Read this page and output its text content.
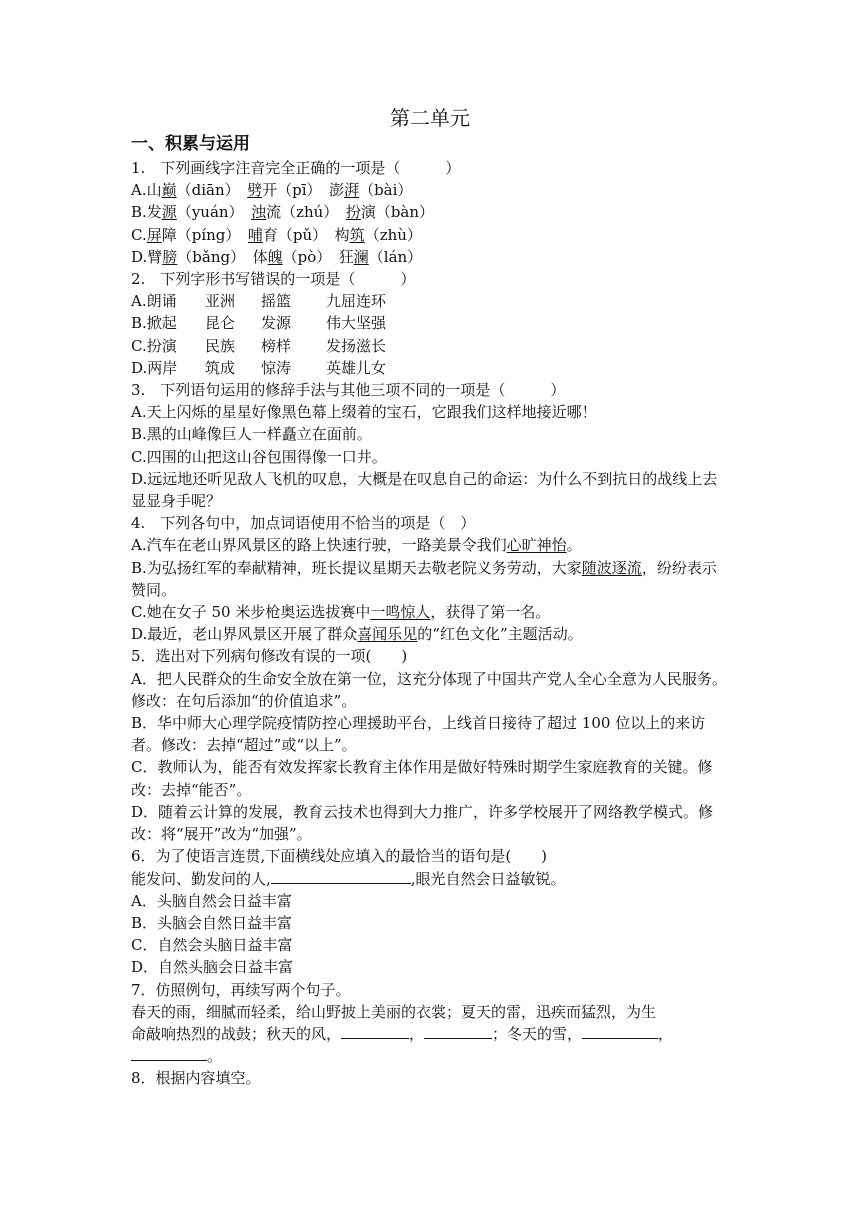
第二单元
一、积累与运用

1.　下列画线字注音完全正确的一项是（　　　）

A.山巅（diān）　劈开（pī）　澎湃（bài）

B.发源（yuán）　浊流（zhú）　扮演（bàn）

C.屏障（píng）　哺育（pǔ）　构筑（zhù）

D.臂膀（bǎng）　体魄（pò）　狂澜（lán）

2.　下列字形书写错误的一项是（　　　）

A.朗诵 亚洲 摇篮 九屈连环

B.掀起 昆仑 发源 伟大坚强

C.扮演 民族 榜样 发扬滋长

D.两岸 筑成 惊涛 英雄儿女

3.　下列语句运用的修辞手法与其他三项不同的一项是（　　　）

A.天上闪烁的星星好像黑色幕上缀着的宝石，它跟我们这样地接近哪！

B.黑的山峰像巨人一样矗立在面前。

C.四围的山把这山谷包围得像一口井。

D.远远地还听见敌人飞机的叹息，大概是在叹息自己的命运：为什么不到抗日的战线上去显显身手呢？

4.　下列各句中，加点词语使用不恰当的项是（　）

A.汽车在老山界风景区的路上快速行驶，一路美景令我们心旷神怡。

B.为弘扬红军的奉献精神，班长提议星期天去敬老院义务劳动，大家随波逐流，纷纷表示赞同。

C.她在女子 50 米步枪奥运选拔赛中一鸣惊人，获得了第一名。

D.最近，老山界风景区开展了群众喜闻乐见的“红色文化”主题活动。

5．选出对下列病句修改有误的一项(　　)

A．把人民群众的生命安全放在第一位，这充分体现了中国共产党人全心全意为人民服务。修改：在句后添加“的价值追求”。

B．华中师大心理学院疫情防控心理援助平台，上线首日接待了超过 100 位以上的来访者。修改：去掉“超过”或“以上”。

C．教师认为，能否有效发挥家长教育主体作用是做好特殊时期学生家庭教育的关键。修改：去掉“能否”。

D．随着云计算的发展，教育云技术也得到大力推广，许多学校展开了网络教学模式。修改：将“展开”改为“加强”。

6．为了使语言连贯,下面横线处应填入的最恰当的语句是(　　)

能发问、勤发问的人,	,眼光自然会日益敏锐。

A．头脑自然会日益丰富

B．头脑会自然日益丰富

C．自然会头脑日益丰富

D．自然头脑会日益丰富

7．仿照例句，再续写两个句子。

春天的雨，细腻而轻柔，给山野披上美丽的衣裳；夏天的雷，迅疾而猛烈，为生

命敲响热烈的战鼓；秋天的风，	，	；冬天的雪，	，

。

8．根据内容填空。
